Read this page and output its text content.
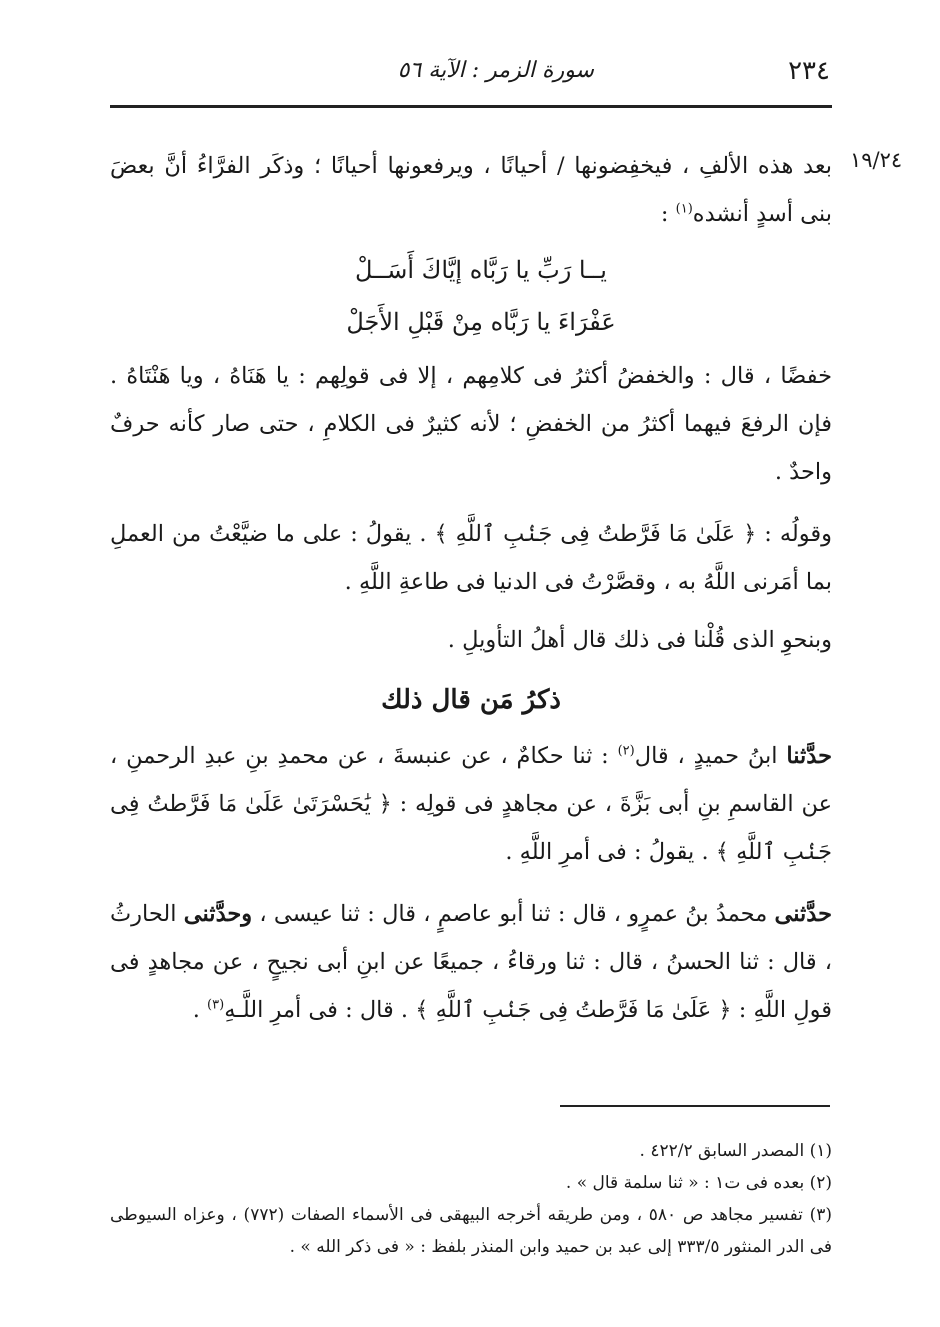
٢٣٤
سورة الزمر : الآية ٥٦
١٩/٢٤

بعد هذه الألفِ ، فيخفِضونها / أحيانًا ، ويرفعونها أحيانًا ؛ وذكَر الفرَّاءُ أنَّ بعضَ بنى أسدٍ أنشده$^{(١)}$ :

يــا رَبِّ يا رَبَّاه إيَّاكَ أَسَــلْ
عَفْرَاءَ يا رَبَّاه مِنْ قَبْلِ الأَجَلْ

خفضًا ، قال : والخفضُ أكثرُ فى كلامِهم ، إلا فى قولِهم : يا هَنَاهُ ، ويا هَنْتَاهُ . فإن الرفعَ فيهما أكثرُ من الخفضِ ؛ لأنه كثيرٌ فى الكلامِ ، حتى صار كأنه حرفٌ واحدٌ .

وقولُه : ﴿ عَلَىٰ مَا فَرَّطتُ فِى جَنۢبِ ٱللَّهِ ﴾ . يقولُ : على ما ضيَّعْتُ من العملِ بما أمَرنى اللَّهُ به ، وقصَّرْتُ فى الدنيا فى طاعةِ اللَّهِ .

وبنحوِ الذى قُلْنا فى ذلك قال أهلُ التأويلِ .

ذكرُ مَن قال ذلك

حدَّثنا ابنُ حميدٍ ، قال$^{(٢)}$ : ثنا حكامٌ ، عن عنبسةَ ، عن محمدِ بنِ عبدِ الرحمنِ ، عن القاسمِ بنِ أبى بَزَّةَ ، عن مجاهدٍ فى قولِه : ﴿ يَٰحَسْرَتَىٰ عَلَىٰ مَا فَرَّطتُ فِى جَنۢبِ ٱللَّهِ ﴾ . يقولُ : فى أمرِ اللَّهِ .

حدَّثنى محمدُ بنُ عمرٍو ، قال : ثنا أبو عاصمٍ ، قال : ثنا عيسى ، وحدَّثنى الحارثُ ، قال : ثنا الحسنُ ، قال : ثنا ورقاءُ ، جميعًا عن ابنِ أبى نجيحٍ ، عن مجاهدٍ فى قولِ اللَّهِ : ﴿ عَلَىٰ مَا فَرَّطتُ فِى جَنۢبِ ٱللَّهِ ﴾ . قال : فى أمرِ اللَّـهِ$^{(٣)}$ .

(١) المصدر السابق ٤٢٢/٢ .

(٢) بعده فى ت١ : « ثنا سلمة قال » .

(٣) تفسير مجاهد ص ٥٨٠ ، ومن طريقه أخرجه البيهقى فى الأسماء الصفات (٧٧٢) ، وعزاه السيوطى فى الدر المنثور ٣٣٣/٥ إلى عبد بن حميد وابن المنذر بلفظ : « فى ذكر الله » .
